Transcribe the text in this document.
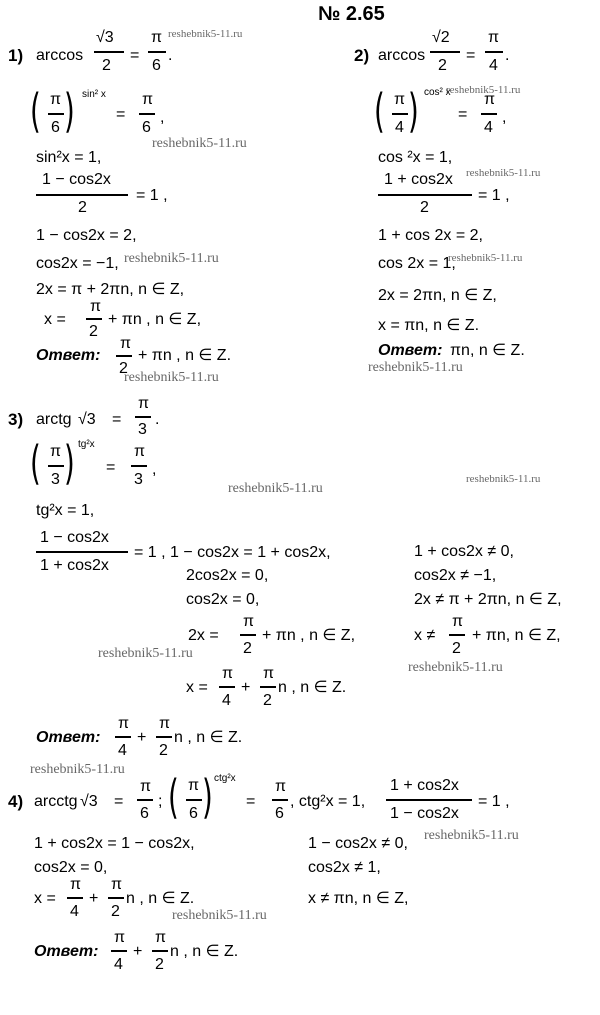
№ 2.65
1) arccos
√3
2
=
π
6
.
( π
6 ) sin² x
=
π
6
,
sin²x = 1,
1 − cos2x
2
= 1 ,
1 − cos2x = 2,
cos2x = −1,
2x = π + 2πn, n ∈ Z,
x =
π
2
+ πn , n ∈ Z,
Ответ:
π
2
+ πn , n ∈ Z.
2) arccos
√2
2
=
π
4
.
( π
4 ) cos² x
=
π
4
,
cos ²x = 1,
1 + cos2x
2
= 1 ,
1 + cos 2x = 2,
cos 2x = 1,
2x = 2πn, n ∈ Z,
x = πn, n ∈ Z.
Ответ: πn, n ∈ Z.
3) arctg √3 =
π
3
.
( π
3 ) tg²x
=
π
3
,
tg²x = 1,
1 − cos2x
1 + cos2x
= 1 , 1 − cos2x = 1 + cos2x,
2cos2x = 0,
cos2x = 0,
2x =
π
2
+ πn , n ∈ Z,
x =
π
4
+
π
2
n , n ∈ Z.
1 + cos2x ≠ 0,
cos2x ≠ −1,
2x ≠ π + 2πn, n ∈ Z,
x ≠
π
2
+ πn, n ∈ Z,
Ответ:
π
4
+
π
2
n , n ∈ Z.
4) arcctg √3 =
π
6
; ( π
6 ) ctg²x
=
π
6
, ctg²x = 1,
1 + cos2x
1 − cos2x
= 1 ,
1 + cos2x = 1 − cos2x,
cos2x = 0,
x =
π
4
+
π
2
n , n ∈ Z.
1 − cos2x ≠ 0,
cos2x ≠ 1,
x ≠ πn, n ∈ Z,
Ответ:
π
4
+
π
2
n , n ∈ Z.
reshebnik5-11.ru
reshebnik5-11.ru
reshebnik5-11.ru
reshebnik5-11.ru
reshebnik5-11.ru
reshebnik5-11.ru
reshebnik5-11.ru
reshebnik5-11.ru
reshebnik5-11.ru
reshebnik5-11.ru
reshebnik5-11.ru
reshebnik5-11.ru
reshebnik5-11.ru
reshebnik5-11.ru
reshebnik5-11.ru
